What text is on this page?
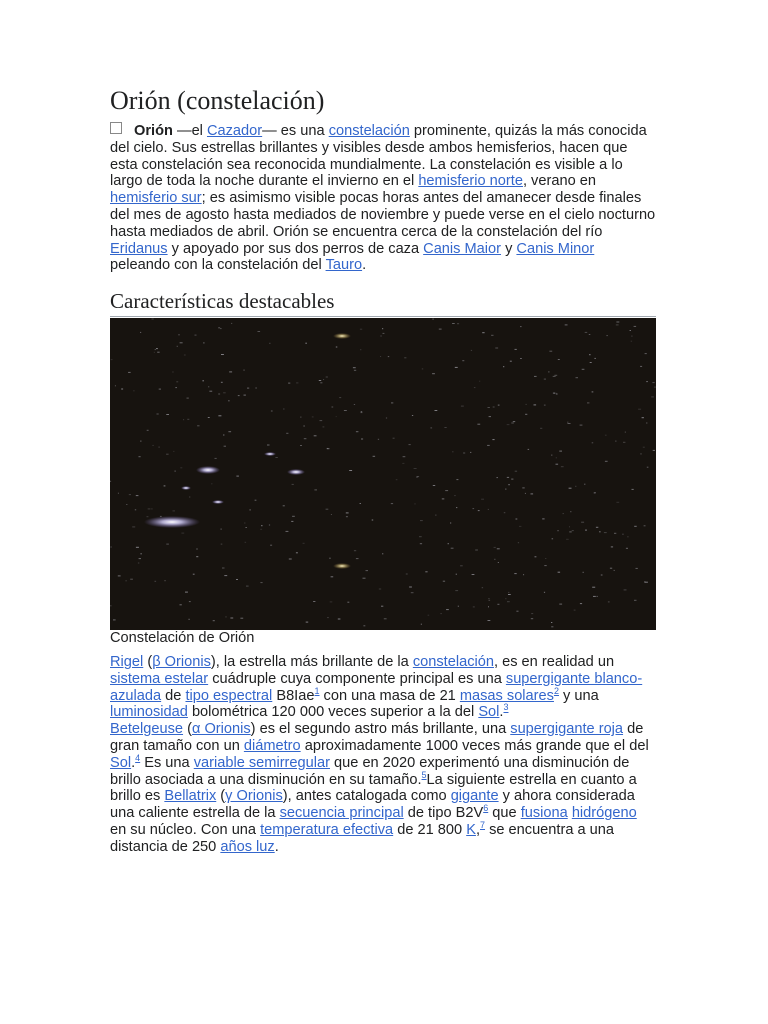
Orión (constelación)

Orión —el Cazador— es una constelación prominente, quizás la más conocida del cielo. Sus estrellas brillantes y visibles desde ambos hemisferios, hacen que esta constelación sea reconocida mundialmente. La constelación es visible a lo largo de toda la noche durante el invierno en el hemisferio norte, verano en hemisferio sur; es asimismo visible pocas horas antes del amanecer desde finales del mes de agosto hasta mediados de noviembre y puede verse en el cielo nocturno hasta mediados de abril. Orión se encuentra cerca de la constelación del río Eridanus y apoyado por sus dos perros de caza Canis Maior y Canis Minor peleando con la constelación del Tauro.

Características destacables

Constelación de Orión

Rigel (β Orionis), la estrella más brillante de la constelación, es en realidad un sistema estelar cuádruple cuya componente principal es una supergigante blanco-azulada de tipo espectral B8Iae$^1$ con una masa de 21 masas solares$^2$ y una luminosidad bolométrica 120 000 veces superior a la del Sol.$^3$
Betelgeuse (α Orionis) es el segundo astro más brillante, una supergigante roja de gran tamaño con un diámetro aproximadamente 1000 veces más grande que el del Sol.$^4$ Es una variable semirregular que en 2020 experimentó una disminución de brillo asociada a una disminución en su tamaño.$^5$La siguiente estrella en cuanto a brillo es Bellatrix (γ Orionis), antes catalogada como gigante y ahora considerada una caliente estrella de la secuencia principal de tipo B2V$^6$ que fusiona hidrógeno en su núcleo. Con una temperatura efectiva de 21 800 K,$^7$ se encuentra a una distancia de 250 años luz.
